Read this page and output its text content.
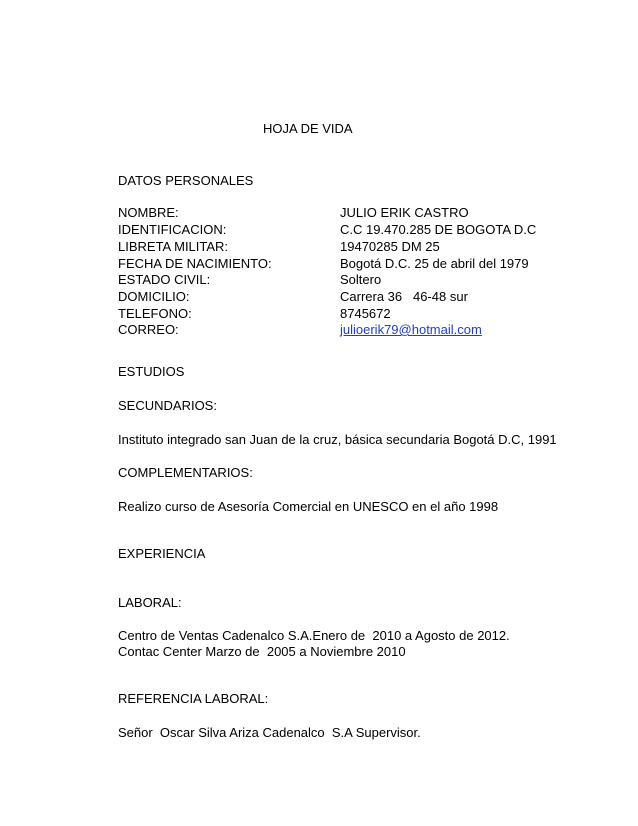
HOJA DE VIDA
DATOS PERSONALES
NOMBRE:	JULIO ERIK CASTRO
IDENTIFICACION:	C.C 19.470.285 DE BOGOTA D.C
LIBRETA MILITAR:	19470285 DM 25
FECHA DE NACIMIENTO:	Bogotá D.C. 25 de abril del 1979
ESTADO CIVIL:	Soltero
DOMICILIO:	Carrera 36   46-48 sur
TELEFONO:	8745672
CORREO:	julioerik79@hotmail.com
ESTUDIOS
SECUNDARIOS:
Instituto integrado san Juan de la cruz, básica secundaria Bogotá D.C, 1991
COMPLEMENTARIOS:
Realizo curso de Asesoría Comercial en UNESCO en el año 1998
EXPERIENCIA
LABORAL:
Centro de Ventas Cadenalco S.A.Enero de  2010 a Agosto de 2012.
Contac Center Marzo de  2005 a Noviembre 2010
REFERENCIA LABORAL:
Señor  Oscar Silva Ariza Cadenalco  S.A Supervisor.
